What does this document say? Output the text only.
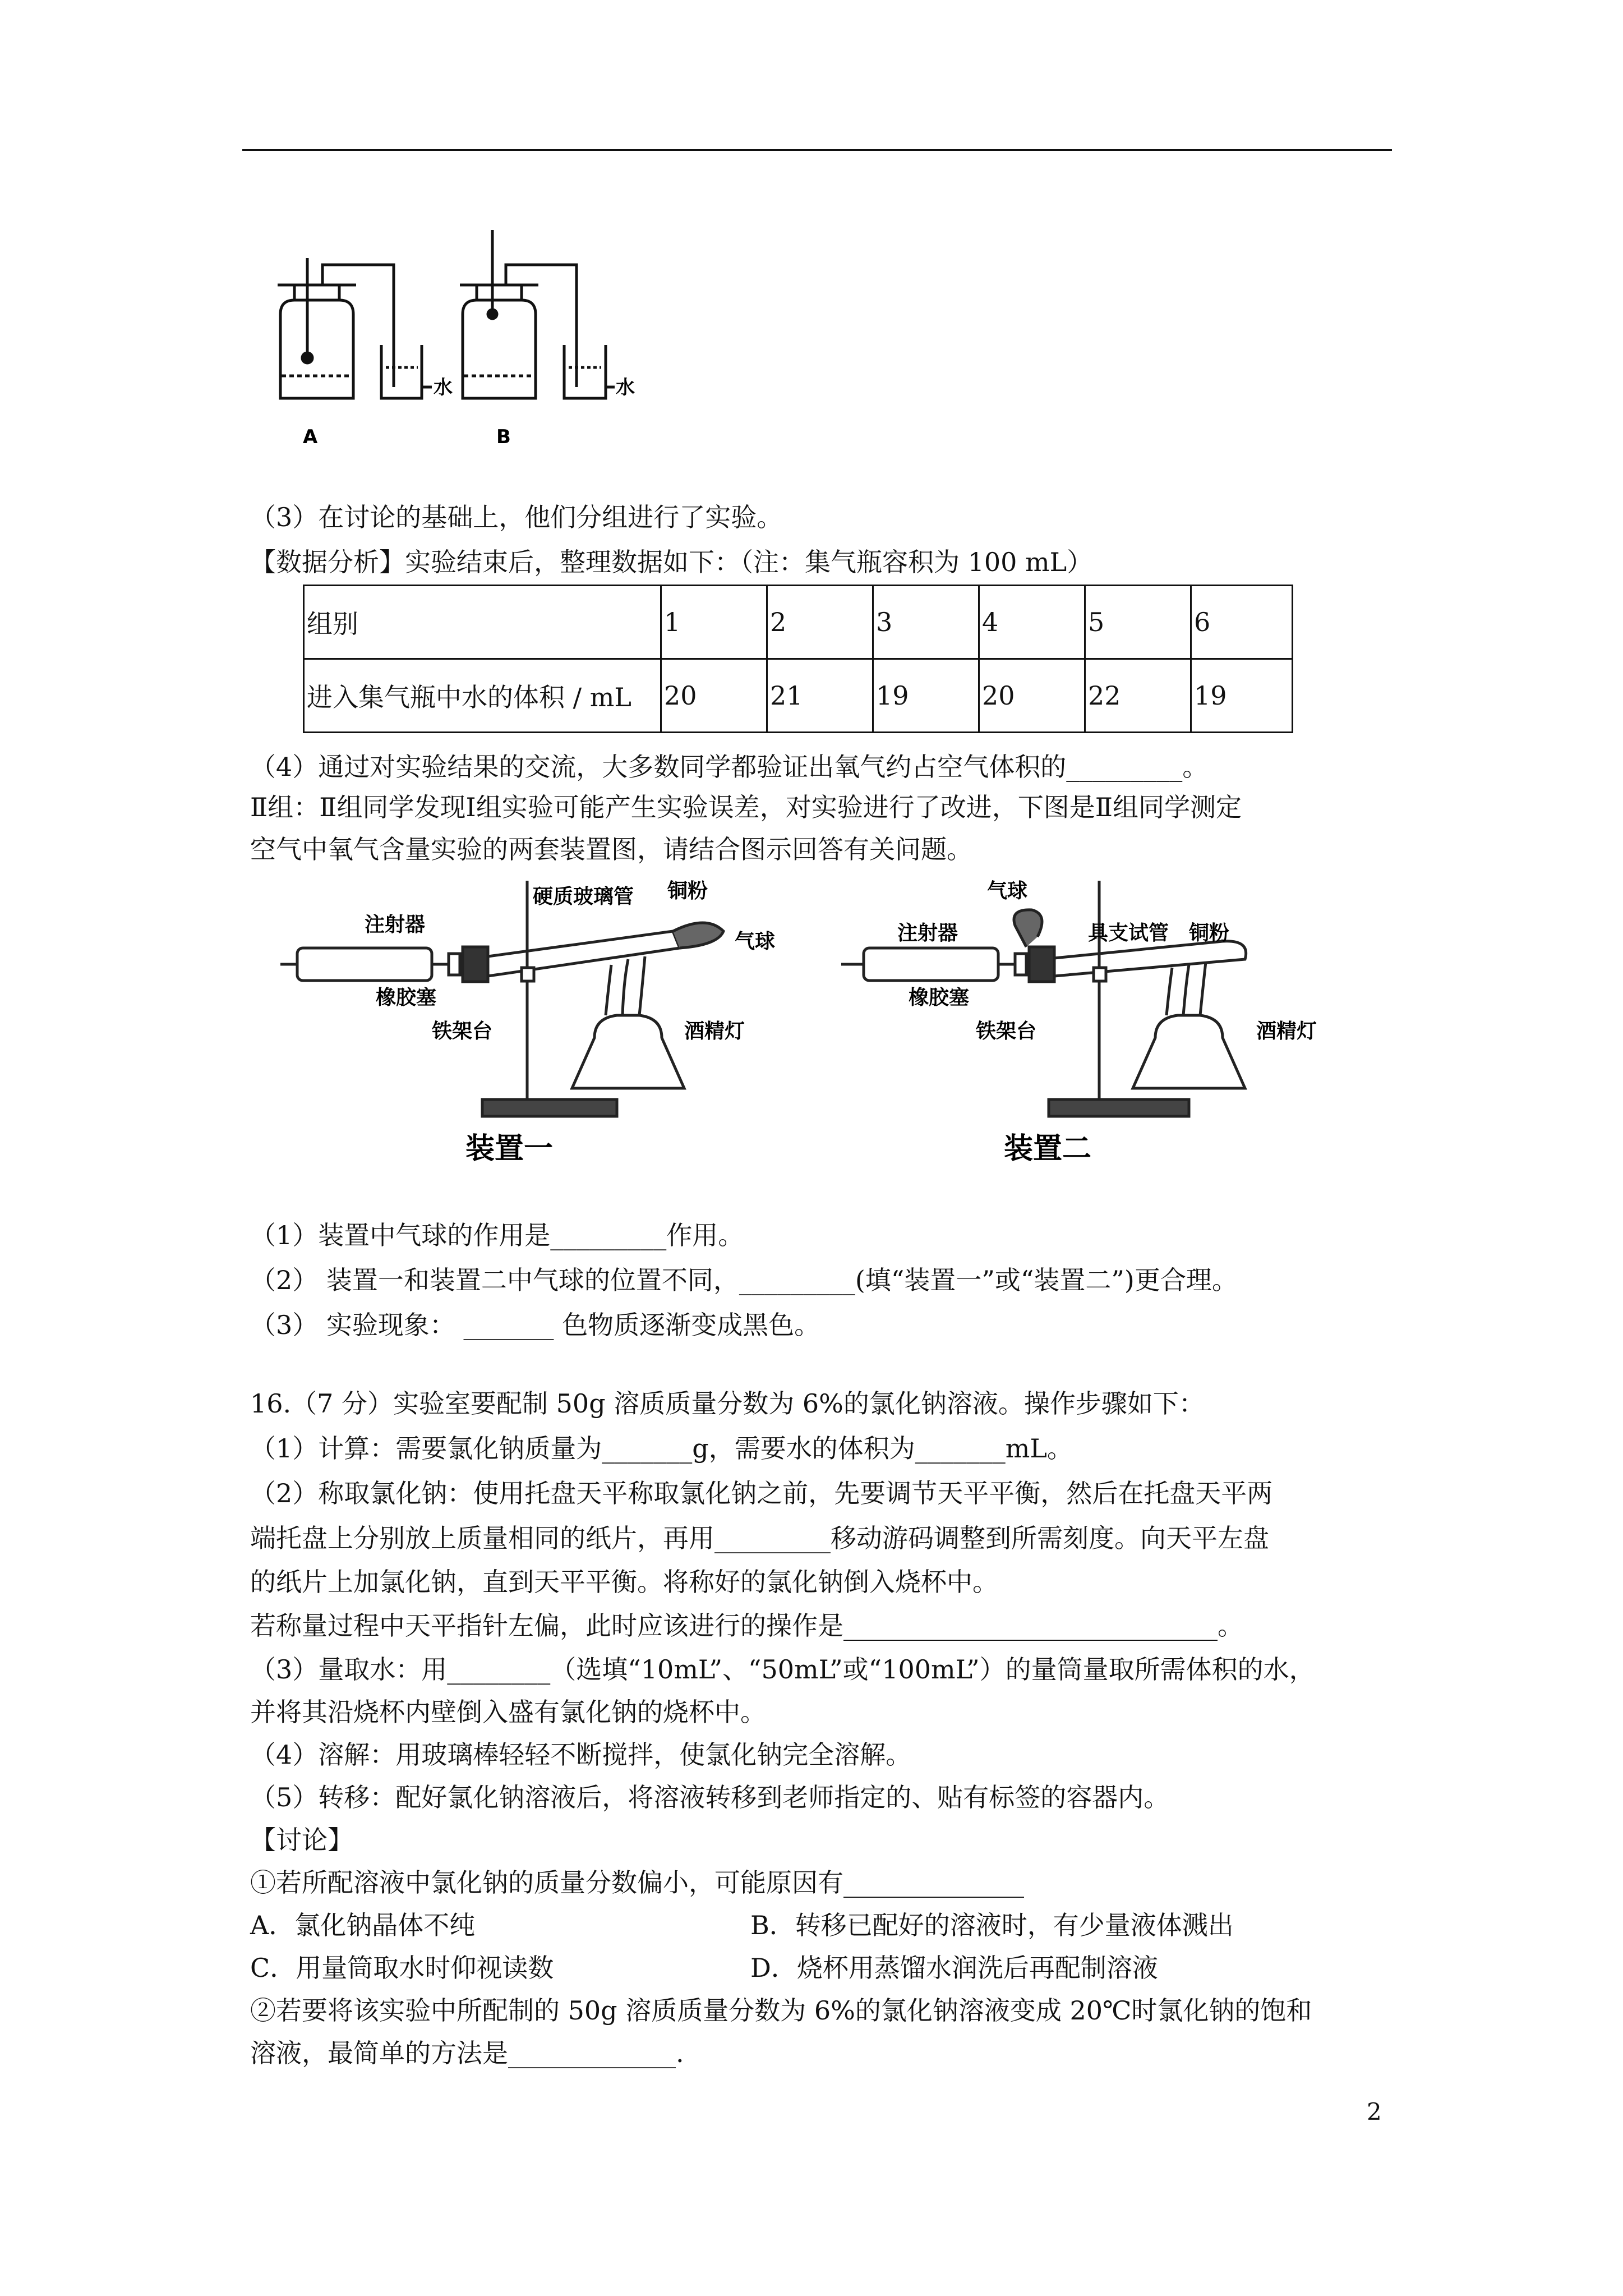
水	水
A	B
（3）在讨论的基础上，他们分组进行了实验。
【数据分析】实验结束后，整理数据如下：（注：集气瓶容积为 100 mL）
组别	1	2	3	4	5	6
进入集气瓶中水的体积 / mL	20	21	19	20	22	19
（4）通过对实验结果的交流，大多数同学都验证出氧气约占空气体积的_________。
Ⅱ组：Ⅱ组同学发现Ⅰ组实验可能产生实验误差，对实验进行了改进，下图是Ⅱ组同学测定
空气中氧气含量实验的两套装置图，请结合图示回答有关问题。
注射器
硬质玻璃管 铜粉
气球
橡胶塞
铁架台	酒精灯
装置一
气球
注射器	具支试管 铜粉
橡胶塞
铁架台	酒精灯
装置二
（1）装置中气球的作用是_________作用。
（2） 装置一和装置二中气球的位置不同，_________(填“装置一”或“装置二”)更合理。
（3） 实验现象： _______ 色物质逐渐变成黑色。
16.（7 分）实验室要配制 50g 溶质质量分数为 6%的氯化钠溶液。操作步骤如下：
（1）计算：需要氯化钠质量为_______g，需要水的体积为_______mL。
（2）称取氯化钠：使用托盘天平称取氯化钠之前，先要调节天平平衡，然后在托盘天平两
端托盘上分别放上质量相同的纸片，再用_________移动游码调整到所需刻度。向天平左盘
的纸片上加氯化钠，直到天平平衡。将称好的氯化钠倒入烧杯中。
若称量过程中天平指针左偏，此时应该进行的操作是_____________________________。
（3）量取水：用________（选填“10mL”、“50mL”或“100mL”）的量筒量取所需体积的水，
并将其沿烧杯内壁倒入盛有氯化钠的烧杯中。
（4）溶解：用玻璃棒轻轻不断搅拌，使氯化钠完全溶解。
（5）转移：配好氯化钠溶液后，将溶液转移到老师指定的、贴有标签的容器内。
【讨论】
①若所配溶液中氯化钠的质量分数偏小，可能原因有______________
A．氯化钠晶体不纯	B．转移已配好的溶液时，有少量液体溅出
C．用量筒取水时仰视读数	D．烧杯用蒸馏水润洗后再配制溶液
②若要将该实验中所配制的 50g 溶质质量分数为 6%的氯化钠溶液变成 20℃时氯化钠的饱和
溶液，最简单的方法是_____________.
2
